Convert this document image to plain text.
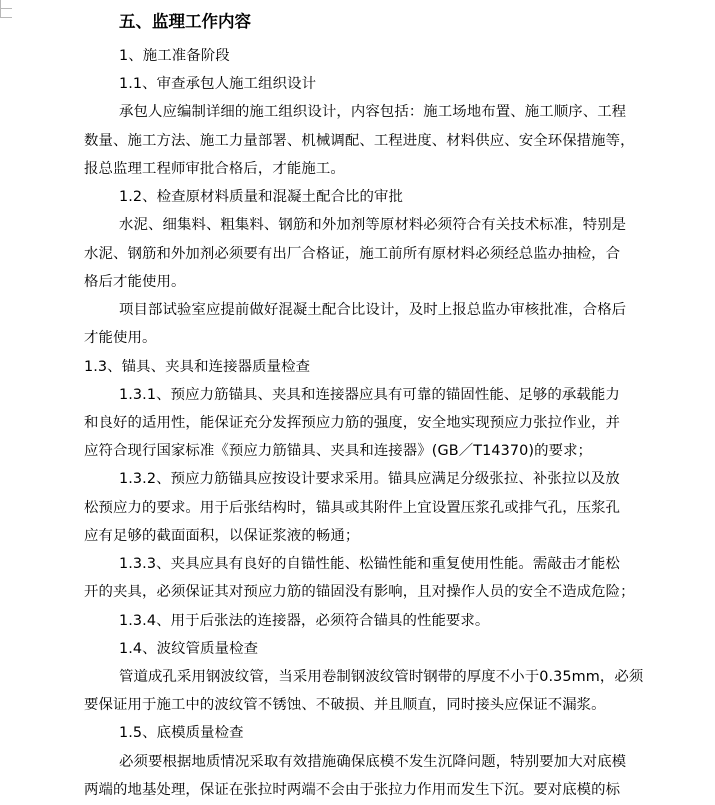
五、监理工作内容
1、施工准备阶段
1.1、审查承包人施工组织设计
承包人应编制详细的施工组织设计，内容包括：施工场地布置、施工顺序、工程
数量、施工方法、施工力量部署、机械调配、工程进度、材料供应、安全环保措施等，
报总监理工程师审批合格后，才能施工。
1.2、检查原材料质量和混凝土配合比的审批
水泥、细集料、粗集料、钢筋和外加剂等原材料必须符合有关技术标准，特别是
水泥、钢筋和外加剂必须要有出厂合格证，施工前所有原材料必须经总监办抽检，合
格后才能使用。
项目部试验室应提前做好混凝土配合比设计，及时上报总监办审核批准，合格后
才能使用。
1.3、锚具、夹具和连接器质量检查
1.3.1、预应力筋锚具、夹具和连接器应具有可靠的锚固性能、足够的承载能力
和良好的适用性，能保证充分发挥预应力筋的强度，安全地实现预应力张拉作业，并
应符合现行国家标准《预应力筋锚具、夹具和连接器》(GB／T14370)的要求；
1.3.2、预应力筋锚具应按设计要求采用。锚具应满足分级张拉、补张拉以及放
松预应力的要求。用于后张结构时，锚具或其附件上宜设置压浆孔或排气孔，压浆孔
应有足够的截面面积，以保证浆液的畅通；
1.3.3、夹具应具有良好的自锚性能、松锚性能和重复使用性能。需敲击才能松
开的夹具，必须保证其对预应力筋的锚固没有影响，且对操作人员的安全不造成危险；
1.3.4、用于后张法的连接器，必须符合锚具的性能要求。
1.4、波纹管质量检查
管道成孔采用钢波纹管，当采用卷制钢波纹管时钢带的厚度不小于0.35mm，必须
要保证用于施工中的波纹管不锈蚀、不破损、并且顺直，同时接头应保证不漏浆。
1.5、底模质量检查
必须要根据地质情况采取有效措施确保底模不发生沉降问题，特别要加大对底模
两端的地基处理，保证在张拉时两端不会由于张拉力作用而发生下沉。要对底模的标
